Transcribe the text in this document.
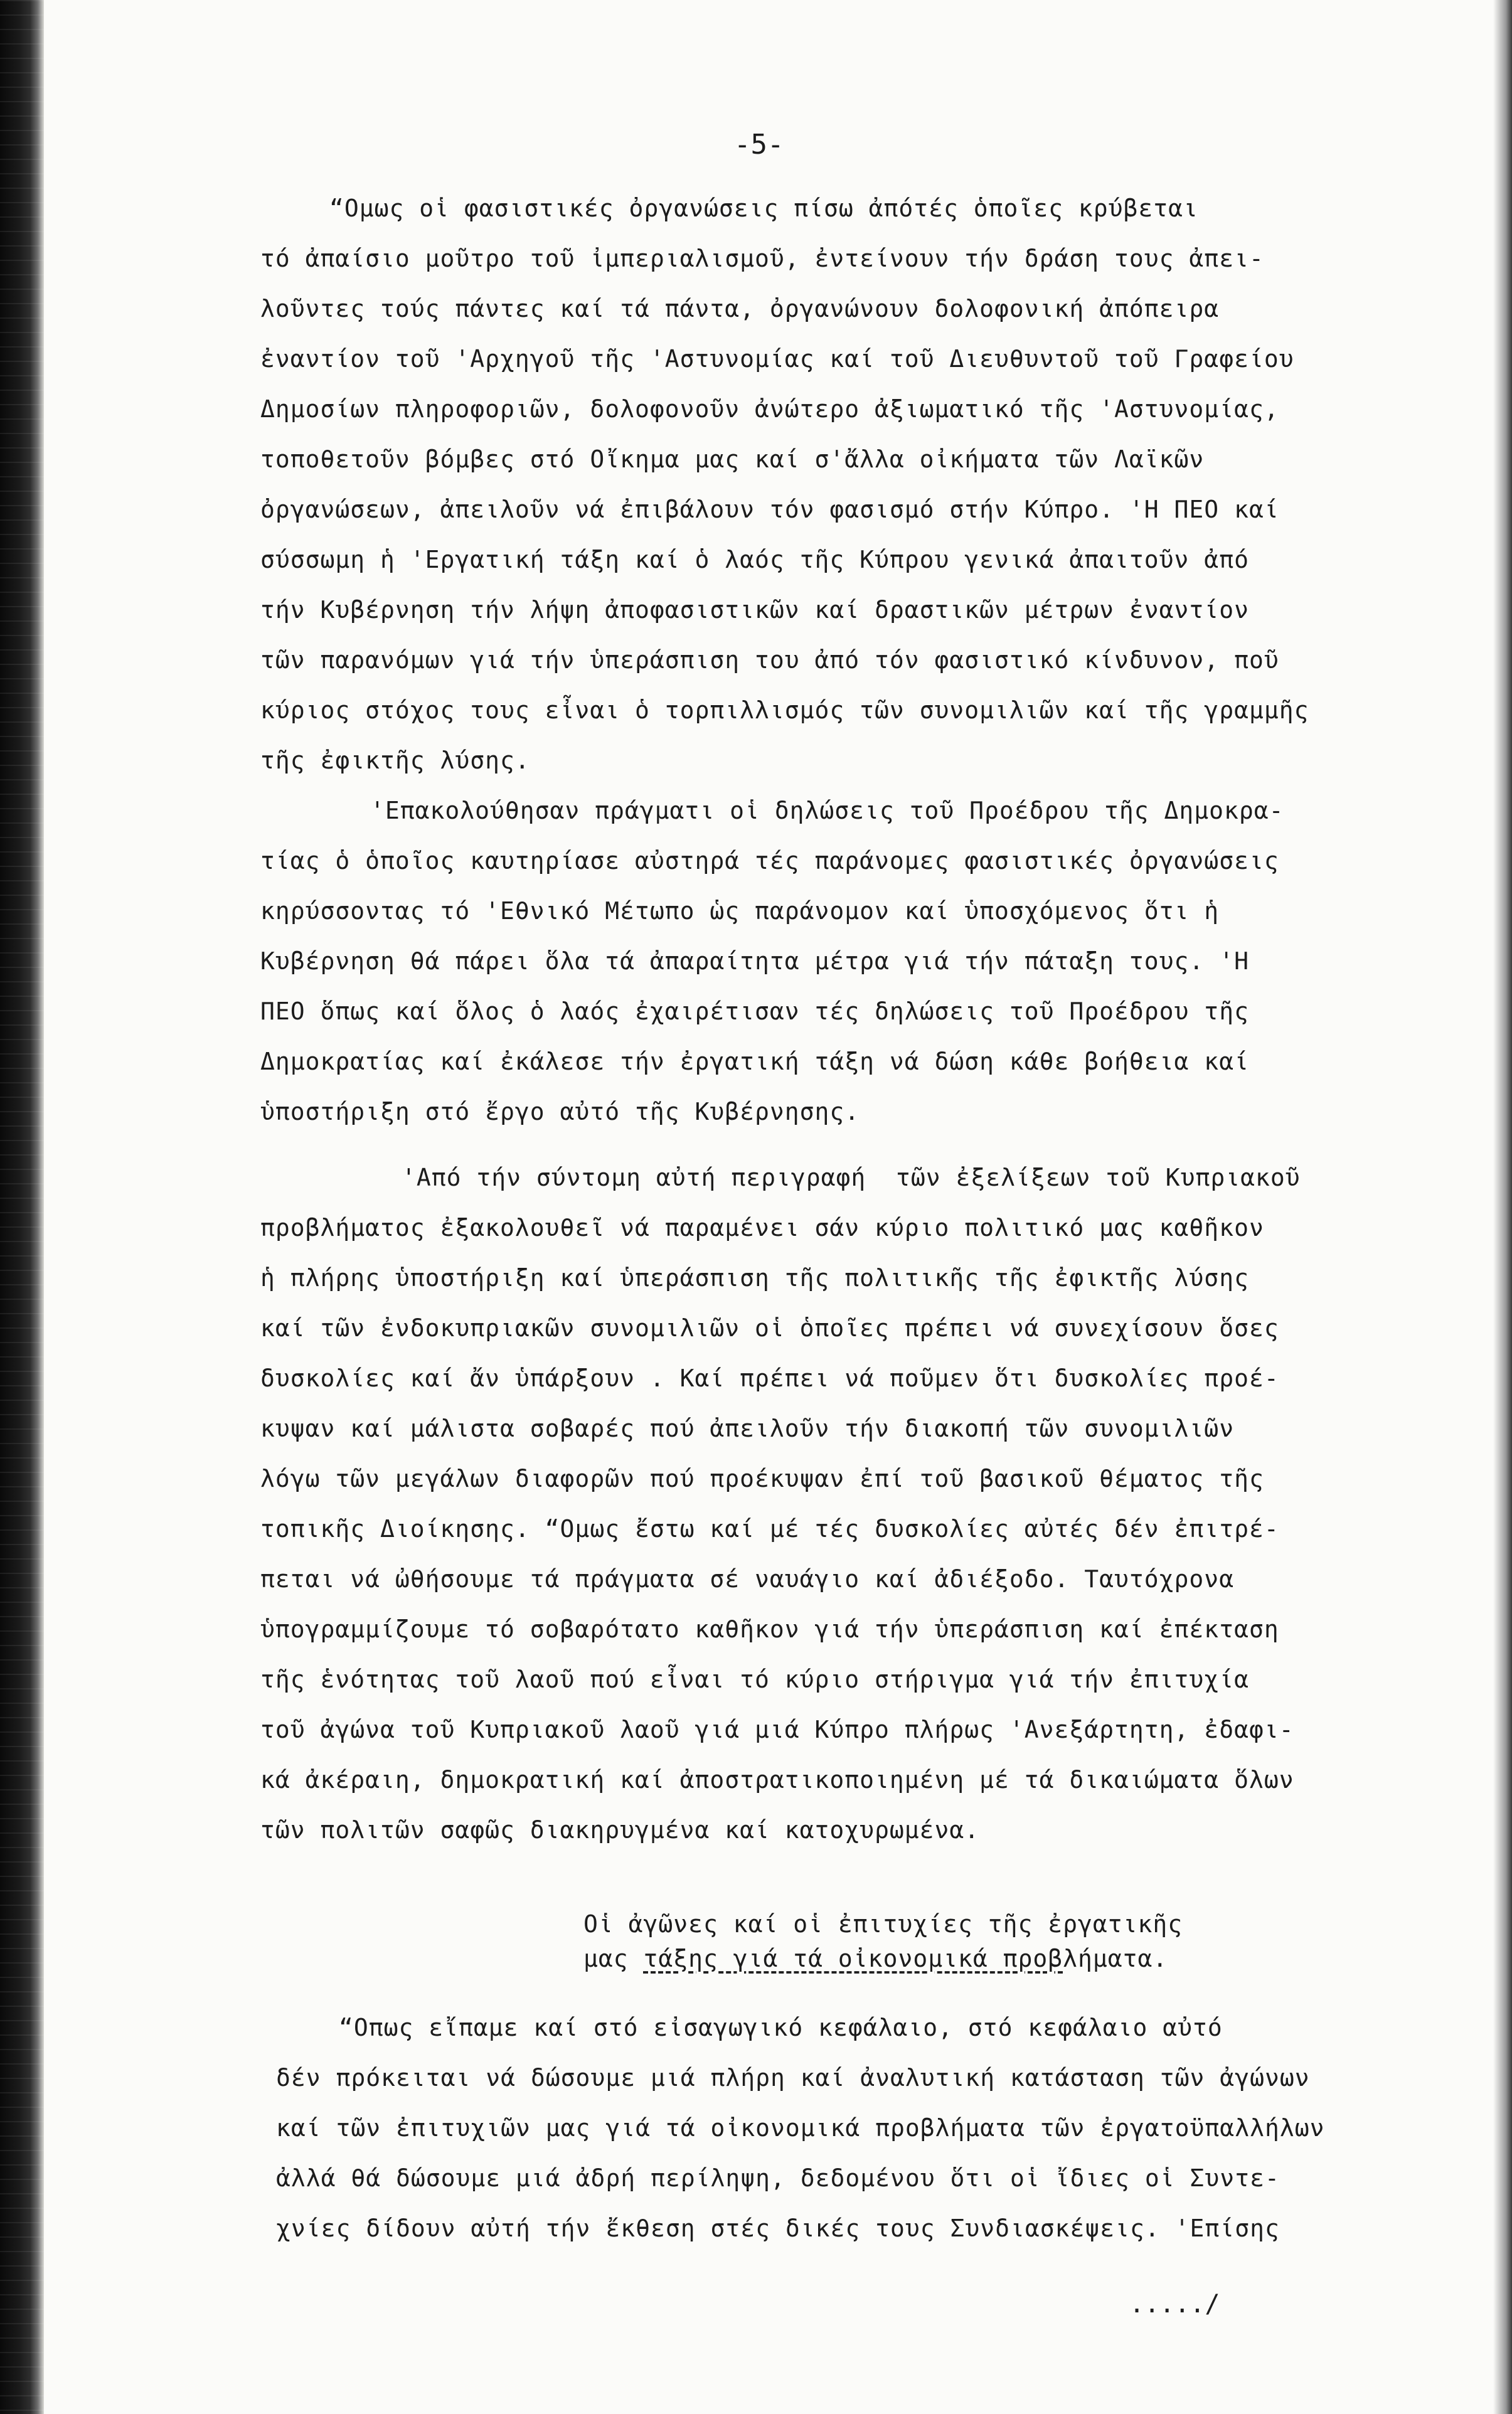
-5-
“Ομως οἱ φασιστικές ὀργανώσεις πίσω ἀπότές ὁποῖες κρύβεται
τό ἀπαίσιο μοῦτρο τοῦ ἰμπεριαλισμοῦ, ἐντείνουν τήν δράση τους ἀπει-
λοῦντες τούς πάντες καί τά πάντα, ὀργανώνουν δολοφονική ἀπόπειρα
ἐναντίον τοῦ 'Αρχηγοῦ τῆς 'Αστυνομίας καί τοῦ Διευθυντοῦ τοῦ Γραφείου
Δημοσίων πληροφοριῶν, δολοφονοῦν ἀνώτερο ἀξιωματικό τῆς 'Αστυνομίας,
τοποθετοῦν βόμβες στό Οἴκημα μας καί σ'ἄλλα οἰκήματα τῶν Λαϊκῶν
ὀργανώσεων, ἀπειλοῦν νά ἐπιβάλουν τόν φασισμό στήν Κύπρο. 'Η ΠΕΟ καί
σύσσωμη ἡ 'Εργατική τάξη καί ὁ λαός τῆς Κύπρου γενικά ἀπαιτοῦν ἀπό
τήν Κυβέρνηση τήν λήψη ἀποφασιστικῶν καί δραστικῶν μέτρων ἐναντίον
τῶν παρανόμων γιά τήν ὑπεράσπιση του ἀπό τόν φασιστικό κίνδυνον, ποῦ
κύριος στόχος τους εἶναι ὁ τορπιλλισμός τῶν συνομιλιῶν καί τῆς γραμμῆς
τῆς ἐφικτῆς λύσης.
'Επακολούθησαν πράγματι οἱ δηλώσεις τοῦ Προέδρου τῆς Δημοκρα-
τίας ὁ ὁποῖος καυτηρίασε αὐστηρά τές παράνομες φασιστικές ὀργανώσεις
κηρύσσοντας τό 'Εθνικό Μέτωπο ὡς παράνομον καί ὑποσχόμενος ὅτι ἡ
Κυβέρνηση θά πάρει ὅλα τά ἀπαραίτητα μέτρα γιά τήν πάταξη τους. 'Η
ΠΕΟ ὅπως καί ὅλος ὁ λαός ἐχαιρέτισαν τές δηλώσεις τοῦ Προέδρου τῆς
Δημοκρατίας καί ἐκάλεσε τήν ἐργατική τάξη νά δώση κάθε βοήθεια καί
ὑποστήριξη στό ἔργο αὐτό τῆς Κυβέρνησης.
'Από τήν σύντομη αὐτή περιγραφή  τῶν ἐξελίξεων τοῦ Κυπριακοῦ
προβλήματος ἐξακολουθεῖ νά παραμένει σάν κύριο πολιτικό μας καθῆκον
ἡ πλήρης ὑποστήριξη καί ὑπεράσπιση τῆς πολιτικῆς τῆς ἐφικτῆς λύσης
καί τῶν ἐνδοκυπριακῶν συνομιλιῶν οἱ ὁποῖες πρέπει νά συνεχίσουν ὅσες
δυσκολίες καί ἄν ὑπάρξουν . Καί πρέπει νά ποῦμεν ὅτι δυσκολίες προέ-
κυψαν καί μάλιστα σοβαρές πού ἀπειλοῦν τήν διακοπή τῶν συνομιλιῶν
λόγω τῶν μεγάλων διαφορῶν πού προέκυψαν ἐπί τοῦ βασικοῦ θέματος τῆς
τοπικῆς Διοίκησης. “Ομως ἔστω καί μέ τές δυσκολίες αὐτές δέν ἐπιτρέ-
πεται νά ὠθήσουμε τά πράγματα σέ ναυάγιο καί ἀδιέξοδο. Ταυτόχρονα
ὑπογραμμίζουμε τό σοβαρότατο καθῆκον γιά τήν ὑπεράσπιση καί ἐπέκταση
τῆς ἑνότητας τοῦ λαοῦ πού εἶναι τό κύριο στήριγμα γιά τήν ἐπιτυχία
τοῦ ἀγώνα τοῦ Κυπριακοῦ λαοῦ γιά μιά Κύπρο πλήρως 'Ανεξάρτητη, ἐδαφι-
κά ἀκέραιη, δημοκρατική καί ἀποστρατικοποιημένη μέ τά δικαιώματα ὅλων
τῶν πολιτῶν σαφῶς διακηρυγμένα καί κατοχυρωμένα.
Οἱ ἀγῶνες καί οἱ ἐπιτυχίες τῆς ἐργατικῆς
μας τάξης γιά τά οἰκονομικά προβλήματα.
“Οπως εἴπαμε καί στό εἰσαγωγικό κεφάλαιο, στό κεφάλαιο αὐτό
δέν πρόκειται νά δώσουμε μιά πλήρη καί ἀναλυτική κατάσταση τῶν ἀγώνων
καί τῶν ἐπιτυχιῶν μας γιά τά οἰκονομικά προβλήματα τῶν ἐργατοϋπαλλήλων
ἀλλά θά δώσουμε μιά ἀδρή περίληψη, δεδομένου ὅτι οἱ ἴδιες οἱ Συντε-
χνίες δίδουν αὐτή τήν ἔκθεση στές δικές τους Συνδιασκέψεις. 'Επίσης
...../
